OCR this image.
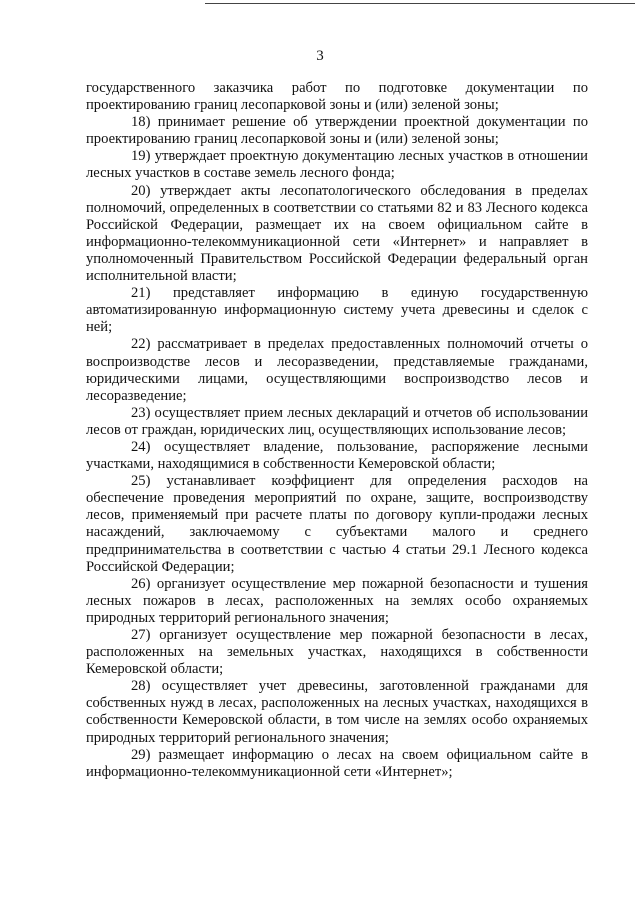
3

государственного заказчика работ по подготовке документации по проектированию границ лесопарковой зоны и (или) зеленой зоны;

18) принимает решение об утверждении проектной документации по проектированию границ лесопарковой зоны и (или) зеленой зоны;

19) утверждает проектную документацию лесных участков в отношении лесных участков в составе земель лесного фонда;

20) утверждает акты лесопатологического обследования в пределах полномочий, определенных в соответствии со статьями 82 и 83 Лесного кодекса Российской Федерации, размещает их на своем официальном сайте в информационно-телекоммуникационной сети «Интернет» и направляет в уполномоченный Правительством Российской Федерации федеральный орган исполнительной власти;

21) представляет информацию в единую государственную автоматизированную информационную систему учета древесины и сделок с ней;

22) рассматривает в пределах предоставленных полномочий отчеты о воспроизводстве лесов и лесоразведении, представляемые гражданами, юридическими лицами, осуществляющими воспроизводство лесов и лесоразведение;

23) осуществляет прием лесных деклараций и отчетов об использовании лесов от граждан, юридических лиц, осуществляющих использование лесов;

24) осуществляет владение, пользование, распоряжение лесными участками, находящимися в собственности Кемеровской области;

25) устанавливает коэффициент для определения расходов на обеспечение проведения мероприятий по охране, защите, воспроизводству лесов, применяемый при расчете платы по договору купли-продажи лесных насаждений, заключаемому с субъектами малого и среднего предпринимательства в соответствии с частью 4 статьи 29.1 Лесного кодекса Российской Федерации;

26) организует осуществление мер пожарной безопасности и тушения лесных пожаров в лесах, расположенных на землях особо охраняемых природных территорий регионального значения;

27) организует осуществление мер пожарной безопасности в лесах, расположенных на земельных участках, находящихся в собственности Кемеровской области;

28) осуществляет учет древесины, заготовленной гражданами для собственных нужд в лесах, расположенных на лесных участках, находящихся в собственности Кемеровской области, в том числе на землях особо охраняемых природных территорий регионального значения;

29) размещает информацию о лесах на своем официальном сайте в информационно-телекоммуникационной сети «Интернет»;
